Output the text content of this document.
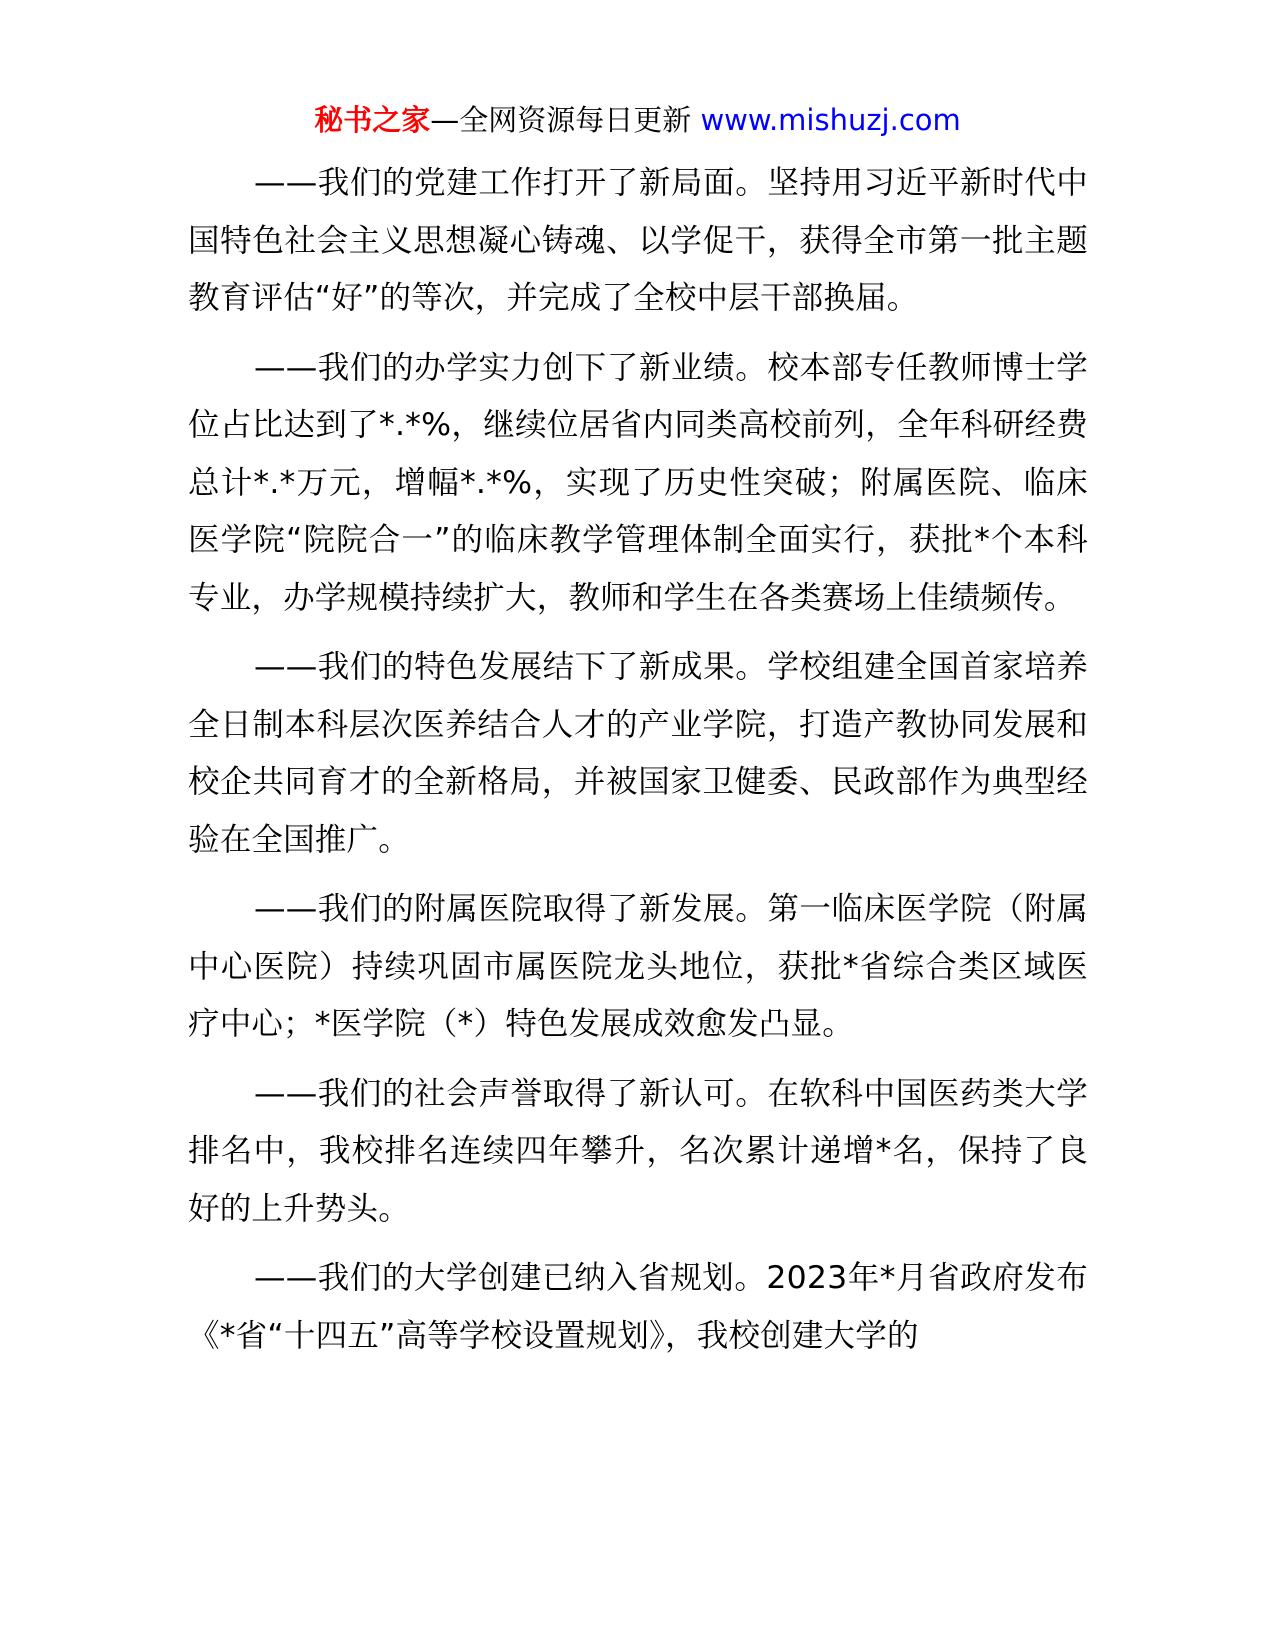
秘书之家—全网资源每日更新 www.mishuzj.com

——我们的党建工作打开了新局面。坚持用习近平新时代中国特色社会主义思想凝心铸魂、以学促干，获得全市第一批主题教育评估“好”的等次，并完成了全校中层干部换届。

——我们的办学实力创下了新业绩。校本部专任教师博士学位占比达到了*.*%，继续位居省内同类高校前列，全年科研经费总计*.*万元，增幅*.*%，实现了历史性突破；附属医院、临床医学院“院院合一”的临床教学管理体制全面实行，获批*个本科专业，办学规模持续扩大，教师和学生在各类赛场上佳绩频传。

——我们的特色发展结下了新成果。学校组建全国首家培养全日制本科层次医养结合人才的产业学院，打造产教协同发展和校企共同育才的全新格局，并被国家卫健委、民政部作为典型经验在全国推广。

——我们的附属医院取得了新发展。第一临床医学院（附属中心医院）持续巩固市属医院龙头地位，获批*省综合类区域医疗中心；*医学院（*）特色发展成效愈发凸显。

——我们的社会声誉取得了新认可。在软科中国医药类大学排名中，我校排名连续四年攀升，名次累计递增*名，保持了良好的上升势头。

——我们的大学创建已纳入省规划。2023年*月省政府发布《*省“十四五”高等学校设置规划》，我校创建大学的
